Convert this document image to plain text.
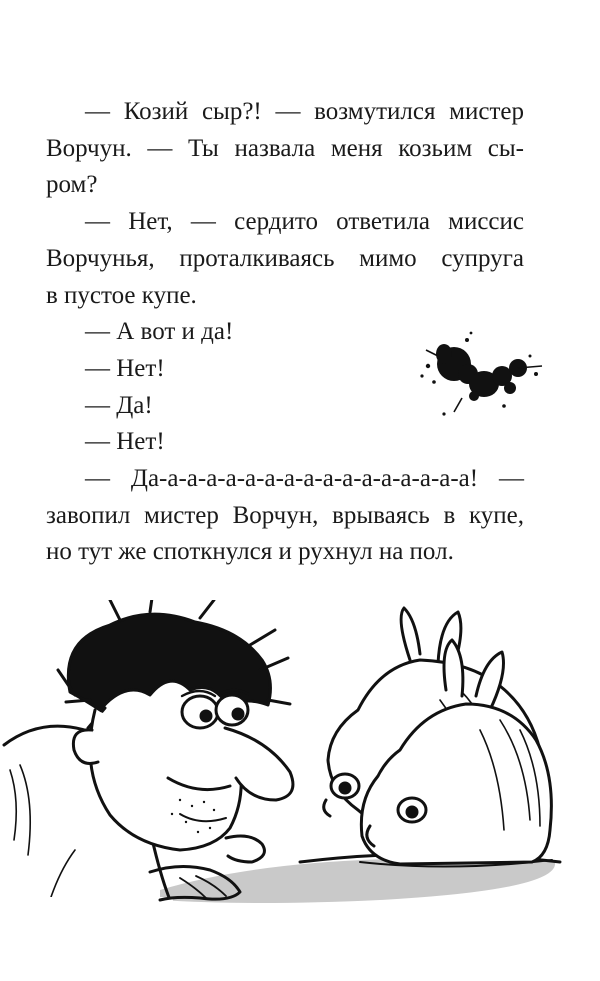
— Козий сыр?! — возмутился мистер
Ворчун. — Ты назвала меня козьим сы-
ром?
— Нет, — сердито ответила миссис
Ворчунья, проталкиваясь мимо супруга
в пустое купе.
— А вот и да!
— Нет!
— Да!
— Нет!
— Да-а-а-а-а-а-а-а-а-а-а-а-а-а-а-а-а! —
завопил мистер Ворчун, врываясь в купе,
но тут же споткнулся и рухнул на пол.
